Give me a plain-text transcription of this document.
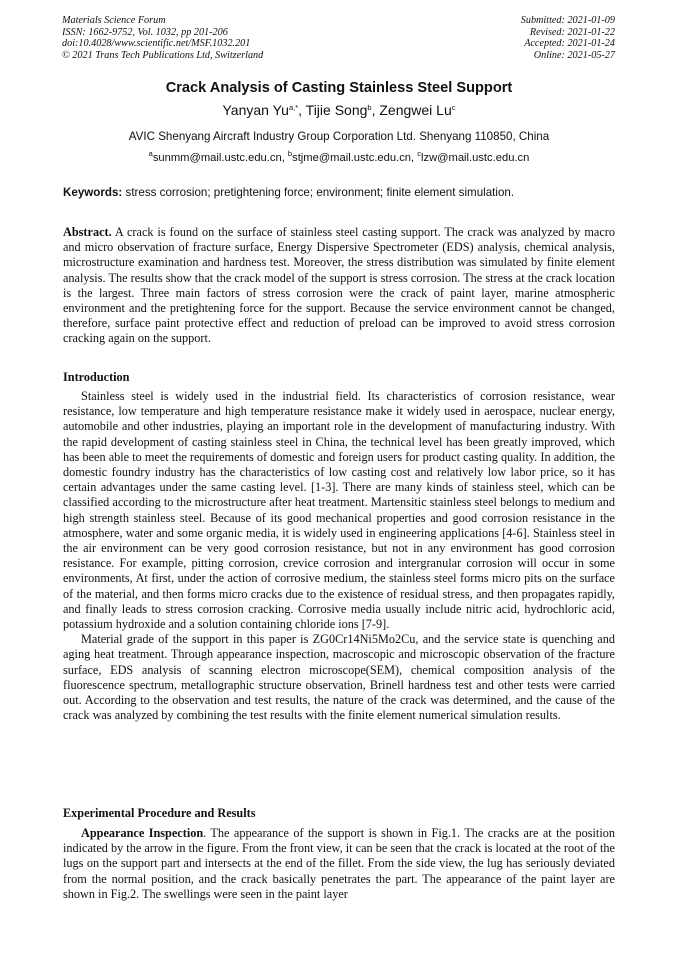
Materials Science Forum
ISSN: 1662-9752, Vol. 1032, pp 201-206
doi:10.4028/www.scientific.net/MSF.1032.201
© 2021 Trans Tech Publications Ltd, Switzerland
Submitted: 2021-01-09
Revised: 2021-01-22
Accepted: 2021-01-24
Online: 2021-05-27
Crack Analysis of Casting Stainless Steel Support
Yanyan $Yu^{a,*}$, Tijie Song$^b$, Zengwei Lu$^c$
AVIC Shenyang Aircraft Industry Group Corporation Ltd. Shenyang 110850, China
$^a$sunmm@mail.ustc.edu.cn, $^b$stjme@mail.ustc.edu.cn, $^c$lzw@mail.ustc.edu.cn
Keywords: stress corrosion; pretightening force; environment; finite element simulation.

Abstract. A crack is found on the surface of stainless steel casting support. The crack was analyzed by macro and micro observation of fracture surface, Energy Dispersive Spectrometer (EDS) analysis, chemical analysis, microstructure examination and hardness test. Moreover, the stress distribution was simulated by finite element analysis. The results show that the crack model of the support is stress corrosion. The stress at the crack location is the largest. Three main factors of stress corrosion were the crack of paint layer, marine atmospheric environment and the pretightening force for the support. Because the service environment cannot be changed, therefore, surface paint protective effect and reduction of preload can be improved to avoid stress corrosion cracking again on the support.

Introduction

Stainless steel is widely used in the industrial field. Its characteristics of corrosion resistance, wear resistance, low temperature and high temperature resistance make it widely used in aerospace, nuclear energy, automobile and other industries, playing an important role in the development of manufacturing industry. With the rapid development of casting stainless steel in China, the technical level has been greatly improved, which has been able to meet the requirements of domestic and foreign users for product casting quality. In addition, the domestic foundry industry has the characteristics of low casting cost and relatively low labor price, so it has certain advantages under the same casting level. [1-3]. There are many kinds of stainless steel, which can be classified according to the microstructure after heat treatment. Martensitic stainless steel belongs to medium and high strength stainless steel. Because of its good mechanical properties and good corrosion resistance in the atmosphere, water and some organic media, it is widely used in engineering applications [4-6]. Stainless steel in the air environment can be very good corrosion resistance, but not in any environment has good corrosion resistance. For example, pitting corrosion, crevice corrosion and intergranular corrosion will occur in some environments, At first, under the action of corrosive medium, the stainless steel forms micro pits on the surface of the material, and then forms micro cracks due to the existence of residual stress, and then propagates rapidly, and finally leads to stress corrosion cracking. Corrosive media usually include nitric acid, hydrochloric acid, potassium hydroxide and a solution containing chloride ions [7-9].

Material grade of the support in this paper is ZG0Cr14Ni5Mo2Cu, and the service state is quenching and aging heat treatment. Through appearance inspection, macroscopic and microscopic observation of the fracture surface, EDS analysis of scanning electron microscope(SEM), chemical composition analysis of the fluorescence spectrum, metallographic structure observation, Brinell hardness test and other tests were carried out. According to the observation and test results, the nature of the crack was determined, and the cause of the crack was analyzed by combining the test results with the finite element numerical simulation results.

Experimental Procedure and Results

Appearance Inspection. The appearance of the support is shown in Fig.1. The cracks are at the position indicated by the arrow in the figure. From the front view, it can be seen that the crack is located at the root of the lugs on the support part and intersects at the end of the fillet. From the side view, the lug has seriously deviated from the normal position, and the crack basically penetrates the part. The appearance of the paint layer are shown in Fig.2. The swellings were seen in the paint layer
